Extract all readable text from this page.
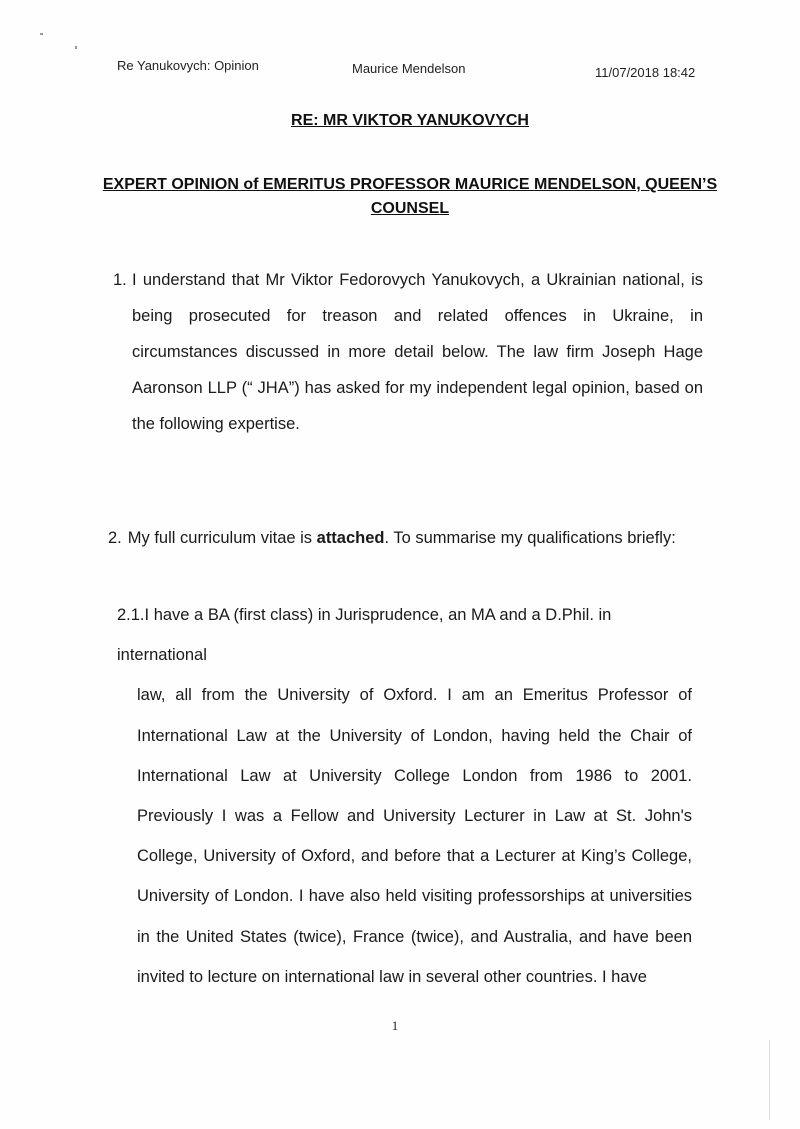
Re Yanukovych: Opinion	Maurice Mendelson	11/07/2018 18:42
RE: MR VIKTOR YANUKOVYCH
EXPERT OPINION of EMERITUS PROFESSOR MAURICE MENDELSON, QUEEN’S COUNSEL
1. I understand that Mr Viktor Fedorovych Yanukovych, a Ukrainian national, is being prosecuted for treason and related offences in Ukraine, in circumstances discussed in more detail below. The law firm Joseph Hage Aaronson LLP (“ JHA”) has asked for my independent legal opinion, based on the following expertise.
2. My full curriculum vitae is attached. To summarise my qualifications briefly:
2.1.I have a BA (first class) in Jurisprudence, an MA and a D.Phil. in international
law, all from the University of Oxford. I am an Emeritus Professor of International Law at the University of London, having held the Chair of International Law at University College London from 1986 to 2001. Previously I was a Fellow and University Lecturer in Law at St. John's College, University of Oxford, and before that a Lecturer at King’s College, University of London. I have also held visiting professorships at universities in the United States (twice), France (twice), and Australia, and have been invited to lecture on international law in several other countries. I have
1
